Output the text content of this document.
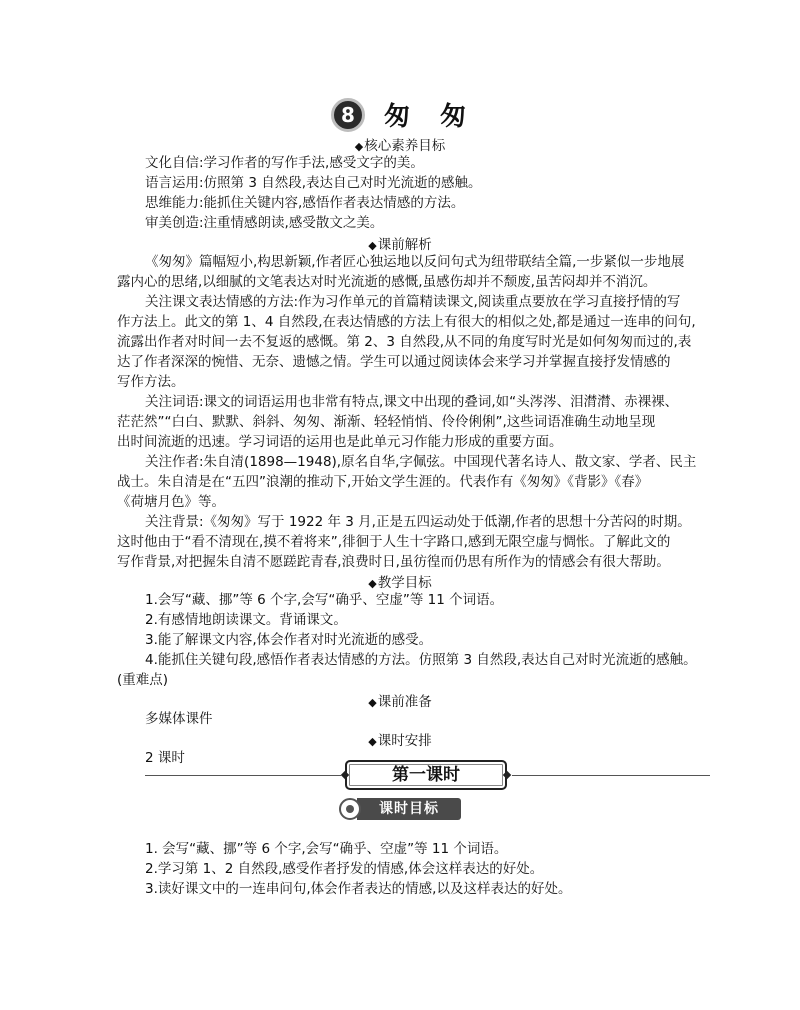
8	匆匆
◆核心素养目标
文化自信:学习作者的写作手法,感受文字的美。
语言运用:仿照第 3 自然段,表达自己对时光流逝的感触。
思维能力:能抓住关键内容,感悟作者表达情感的方法。
审美创造:注重情感朗读,感受散文之美。
◆课前解析
《匆匆》篇幅短小,构思新颖,作者匠心独运地以反问句式为纽带联结全篇,一步紧似一步地展
露内心的思绪,以细腻的文笔表达对时光流逝的感慨,虽感伤却并不颓废,虽苦闷却并不消沉。
关注课文表达情感的方法:作为习作单元的首篇精读课文,阅读重点要放在学习直接抒情的写
作方法上。此文的第 1、4 自然段,在表达情感的方法上有很大的相似之处,都是通过一连串的问句,
流露出作者对时间一去不复返的感慨。第 2、3 自然段,从不同的角度写时光是如何匆匆而过的,表
达了作者深深的惋惜、无奈、遗憾之情。学生可以通过阅读体会来学习并掌握直接抒发情感的
写作方法。
关注词语:课文的词语运用也非常有特点,课文中出现的叠词,如“头涔涔、泪潸潸、赤裸裸、
茫茫然”“白白、默默、斜斜、匆匆、渐渐、轻轻悄悄、伶伶俐俐”,这些词语准确生动地呈现
出时间流逝的迅速。学习词语的运用也是此单元习作能力形成的重要方面。
关注作者:朱自清(1898—1948),原名自华,字佩弦。中国现代著名诗人、散文家、学者、民主
战士。朱自清是在“五四”浪潮的推动下,开始文学生涯的。代表作有《匆匆》《背影》《春》
《荷塘月色》等。
关注背景:《匆匆》写于 1922 年 3 月,正是五四运动处于低潮,作者的思想十分苦闷的时期。
这时他由于“看不清现在,摸不着将来”,徘徊于人生十字路口,感到无限空虚与惆怅。了解此文的
写作背景,对把握朱自清不愿蹉跎青春,浪费时日,虽彷徨而仍思有所作为的情感会有很大帮助。
◆教学目标
1.会写“藏、挪”等 6 个字,会写“确乎、空虚”等 11 个词语。
2.有感情地朗读课文。背诵课文。
3.能了解课文内容,体会作者对时光流逝的感受。
4.能抓住关键句段,感悟作者表达情感的方法。仿照第 3 自然段,表达自己对时光流逝的感触。
(重难点)
◆课前准备
多媒体课件
◆课时安排
2 课时
第一课时
课时目标
1. 会写“藏、挪”等 6 个字,会写“确乎、空虚”等 11 个词语。
2.学习第 1、2 自然段,感受作者抒发的情感,体会这样表达的好处。
3.读好课文中的一连串问句,体会作者表达的情感,以及这样表达的好处。
